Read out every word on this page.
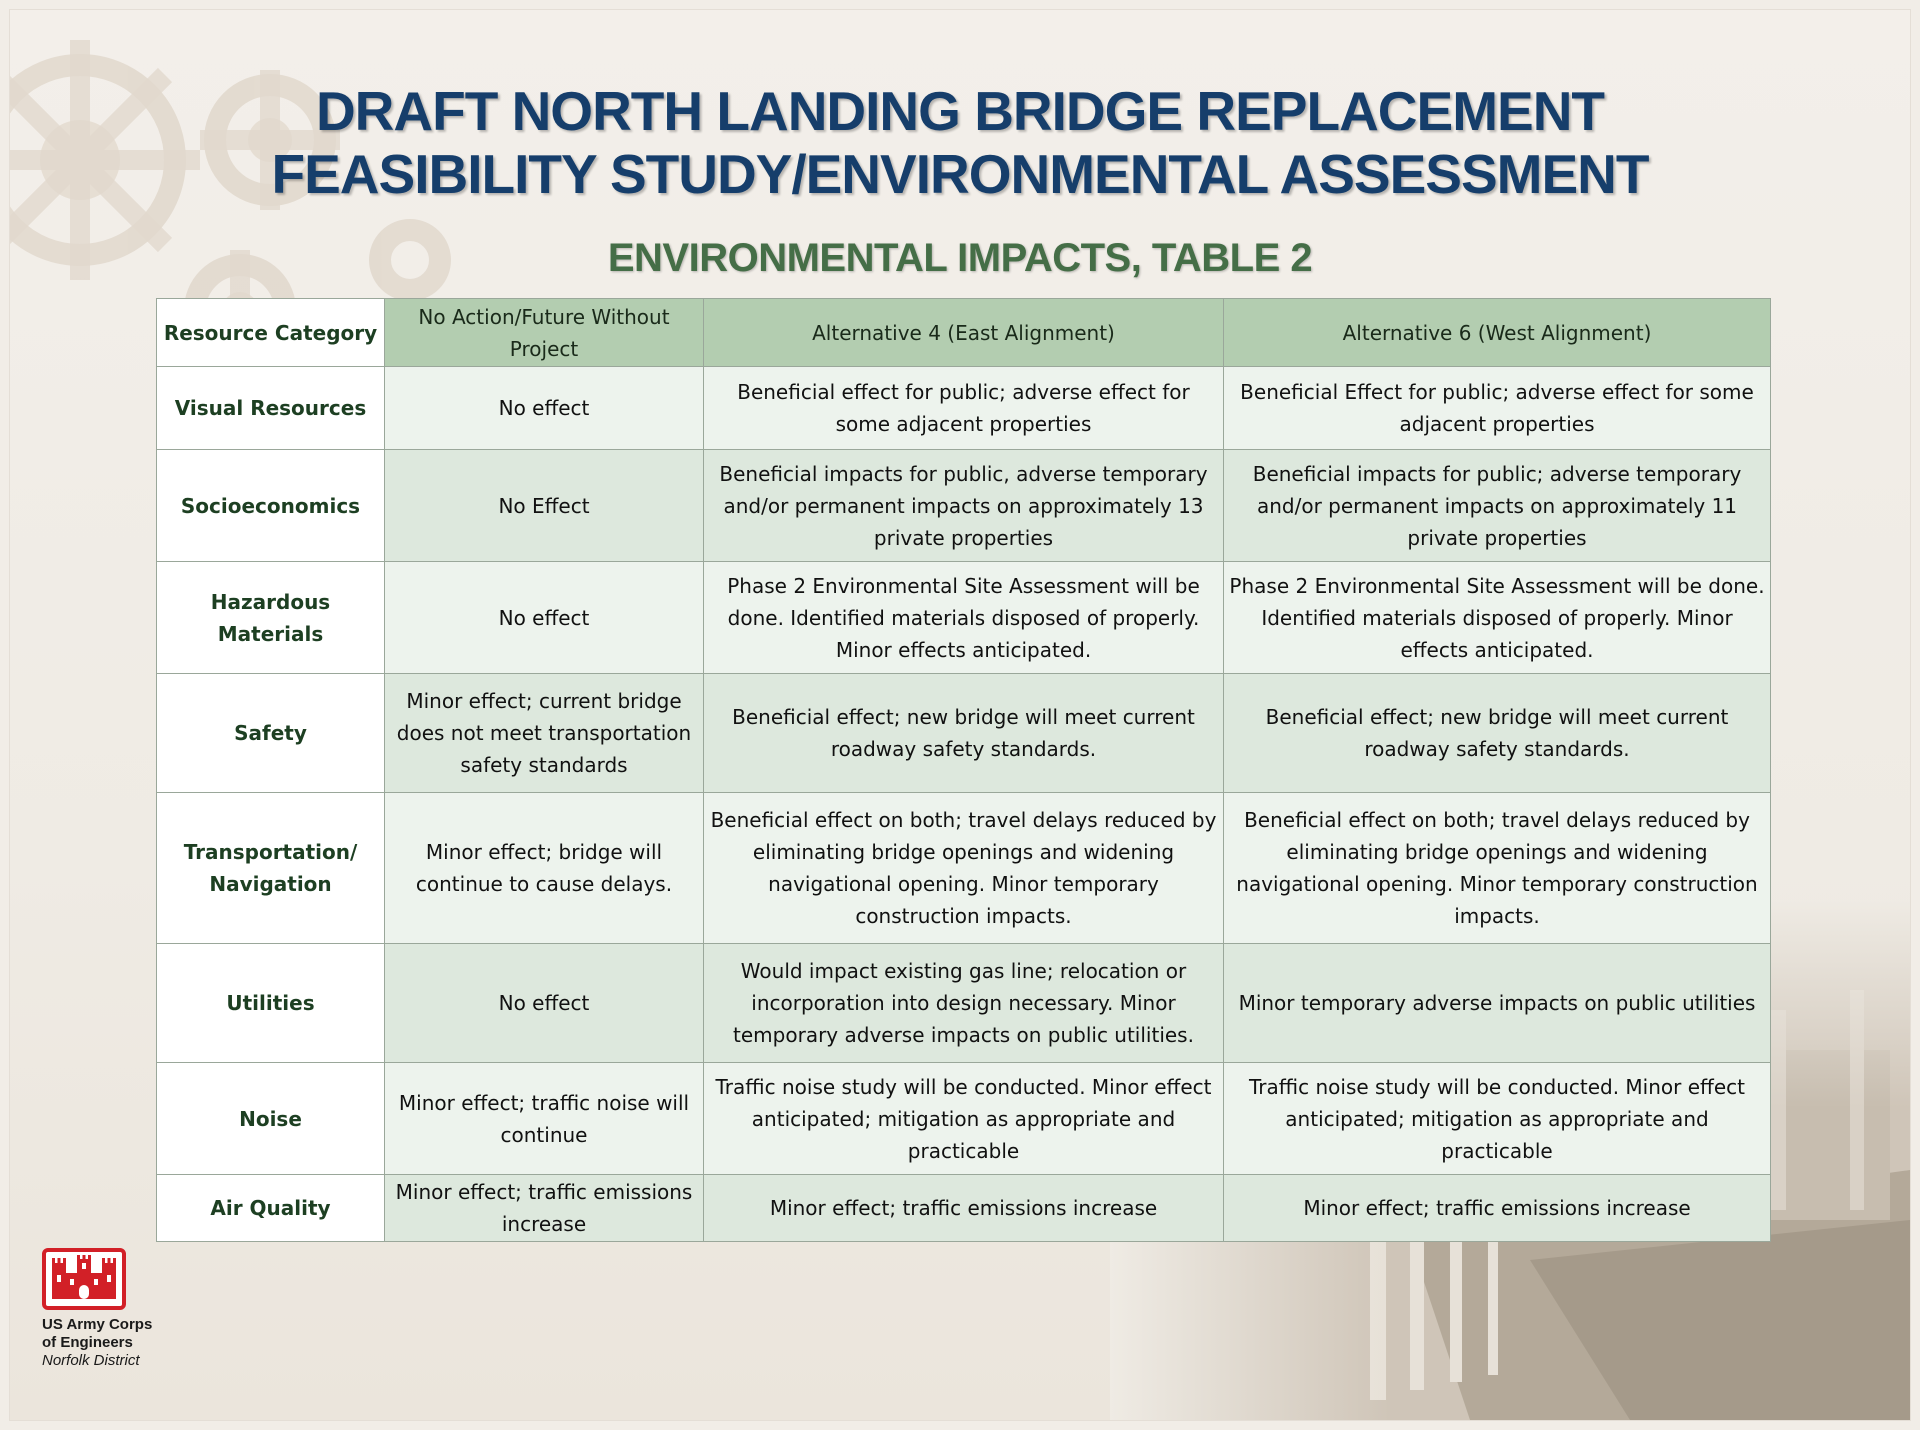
DRAFT NORTH LANDING BRIDGE REPLACEMENT
FEASIBILITY STUDY/ENVIRONMENTAL ASSESSMENT
ENVIRONMENTAL IMPACTS, TABLE 2
Resource Category	No Action/Future Without Project	Alternative 4 (East Alignment)	Alternative 6 (West Alignment)
Visual Resources	No effect	Beneficial effect for public; adverse effect for some adjacent properties	Beneficial Effect for public; adverse effect for some adjacent properties
Socioeconomics	No Effect	Beneficial impacts for public, adverse temporary and/or permanent impacts on approximately 13 private properties	Beneficial impacts for public; adverse temporary and/or permanent impacts on approximately 11 private properties
Hazardous Materials	No effect	Phase 2 Environmental Site Assessment will be done. Identified materials disposed of properly. Minor effects anticipated.	Phase 2 Environmental Site Assessment will be done. Identified materials disposed of properly. Minor effects anticipated.
Safety	Minor effect; current bridge does not meet transportation safety standards	Beneficial effect; new bridge will meet current roadway safety standards.	Beneficial effect; new bridge will meet current roadway safety standards.
Transportation/ Navigation	Minor effect; bridge will continue to cause delays.	Beneficial effect on both; travel delays reduced by eliminating bridge openings and widening navigational opening. Minor temporary construction impacts.	Beneficial effect on both; travel delays reduced by eliminating bridge openings and widening navigational opening. Minor temporary construction impacts.
Utilities	No effect	Would impact existing gas line; relocation or incorporation into design necessary. Minor temporary adverse impacts on public utilities.	Minor temporary adverse impacts on public utilities
Noise	Minor effect; traffic noise will continue	Traffic noise study will be conducted. Minor effect anticipated; mitigation as appropriate and practicable	Traffic noise study will be conducted. Minor effect anticipated; mitigation as appropriate and practicable
Air Quality	Minor effect; traffic emissions increase	Minor effect; traffic emissions increase	Minor effect; traffic emissions increase
US Army Corps
of Engineers
Norfolk District
